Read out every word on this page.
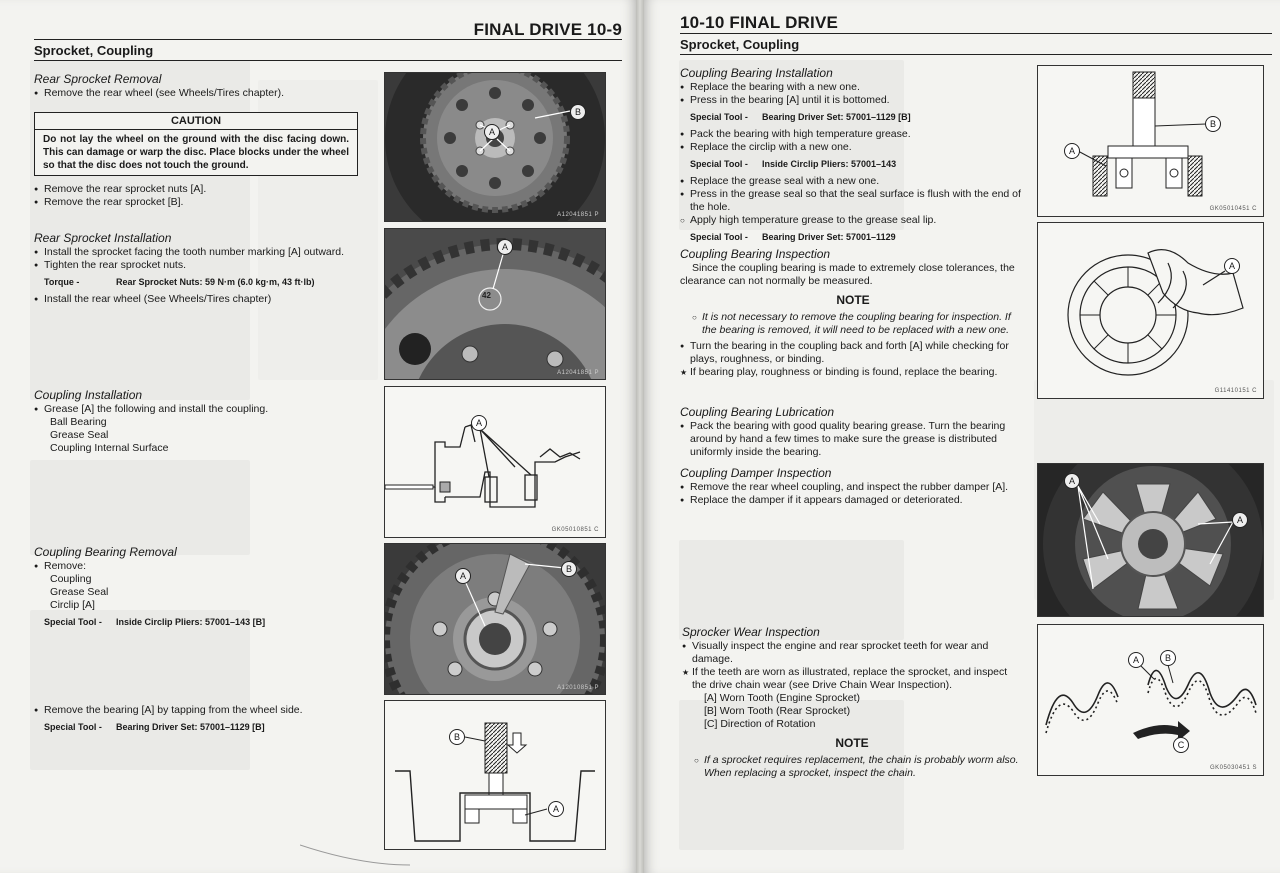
FINAL DRIVE 10-9
Sprocket, Coupling
Rear Sprocket Removal
● Remove the rear wheel (see Wheels/Tires chapter).
CAUTION
Do not lay the wheel on the ground with the disc facing down. This can damage or warp the disc. Place blocks under the wheel so that the disc does not touch the ground.
● Remove the rear sprocket nuts [A].
● Remove the rear sprocket [B].
Rear Sprocket Installation
● Install the sprocket facing the tooth number marking [A] outward.
● Tighten the rear sprocket nuts.
Torque -	Rear Sprocket Nuts: 59 N·m (6.0 kg·m, 43 ft·lb)
● Install the rear wheel (See Wheels/Tires chapter)
Coupling Installation
● Grease [A] the following and install the coupling.
Ball Bearing
Grease Seal
Coupling Internal Surface
Coupling Bearing Removal
● Remove:
Coupling
Grease Seal
Circlip [A]
Special Tool - Inside Circlip Pliers: 57001–143 [B]
● Remove the bearing [A] by tapping from the wheel side.
Special Tool - Bearing Driver Set: 57001–1129 [B]
A
B
A12041851 P
42
A
A12041851 P
A
GK05010851 C
A
B
A12010851 P
B
A
10-10 FINAL DRIVE
Sprocket, Coupling
Coupling Bearing Installation
● Replace the bearing with a new one.
● Press in the bearing [A] until it is bottomed.
Special Tool - Bearing Driver Set: 57001–1129 [B]
● Pack the bearing with high temperature grease.
● Replace the circlip with a new one.
Special Tool - Inside Circlip Pliers: 57001–143
● Replace the grease seal with a new one.
● Press in the grease seal so that the seal surface is flush with the end of the hole.
○ Apply high temperature grease to the grease seal lip.
Special Tool - Bearing Driver Set: 57001–1129
Coupling Bearing Inspection
Since the coupling bearing is made to extremely close tolerances, the clearance can not normally be measured.
NOTE
○ It is not necessary to remove the coupling bearing for inspection. If the bearing is removed, it will need to be replaced with a new one.
● Turn the bearing in the coupling back and forth [A] while checking for plays, roughness, or binding.
★ If bearing play, roughness or binding is found, replace the bearing.
Coupling Bearing Lubrication
● Pack the bearing with good quality bearing grease. Turn the bearing around by hand a few times to make sure the grease is distributed uniformly inside the bearing.
Coupling Damper Inspection
● Remove the rear wheel coupling, and inspect the rubber damper [A].
● Replace the damper if it appears damaged or deteriorated.
Sprocker Wear Inspection
● Visually inspect the engine and rear sprocket teeth for wear and damage.
★ If the teeth are worn as illustrated, replace the sprocket, and inspect the drive chain wear (see Drive Chain Wear Inspection).
[A] Worn Tooth (Engine Sprocket)
[B] Worn Tooth (Rear Sprocket)
[C] Direction of Rotation
NOTE
○ If a sprocket requires replacement, the chain is probably worm also. When replacing a sprocket, inspect the chain.
A
B
GK05010451 C
A
G11410151 C
A
A
A	B
C
GK05030451 S
